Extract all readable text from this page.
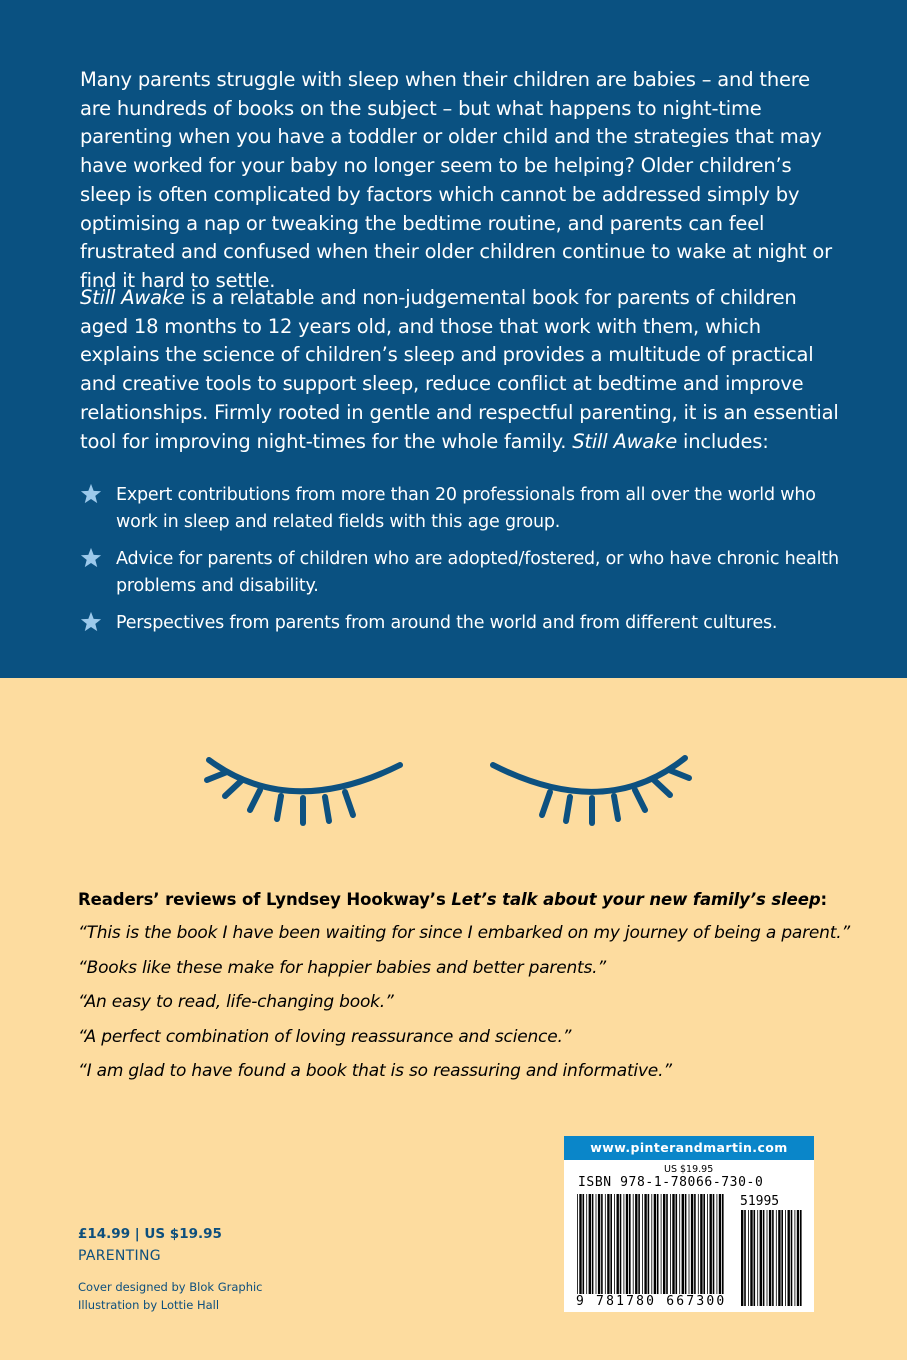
Many parents struggle with sleep when their children are babies – and there are hundreds of books on the subject – but what happens to night-time parenting when you have a toddler or older child and the strategies that may have worked for your baby no longer seem to be helping? Older children’s sleep is often complicated by factors which cannot be addressed simply by optimising a nap or tweaking the bedtime routine, and parents can feel frustrated and confused when their older children continue to wake at night or find it hard to settle.

Still Awake is a relatable and non-judgemental book for parents of children aged 18 months to 12 years old, and those that work with them, which explains the science of children’s sleep and provides a multitude of practical and creative tools to support sleep, reduce conflict at bedtime and improve relationships. Firmly rooted in gentle and respectful parenting, it is an essential tool for improving night-times for the whole family. Still Awake includes:

Expert contributions from more than 20 professionals from all over the world who work in sleep and related fields with this age group.
Advice for parents of children who are adopted/fostered, or who have chronic health problems and disability.
Perspectives from parents from around the world and from different cultures.
Readers’ reviews of Lyndsey Hookway’s Let’s talk about your new family’s sleep:
“This is the book I have been waiting for since I embarked on my journey of being a parent.”
“Books like these make for happier babies and better parents.”
“An easy to read, life-changing book.”
“A perfect combination of loving reassurance and science.”
“I am glad to have found a book that is so reassuring and informative.”
£14.99 | US $19.95
PARENTING
Cover designed by Blok Graphic
Illustration by Lottie Hall
www.pinterandmartin.com
US $19.95
ISBN 978-1-78066-730-0
51995
9 781780 667300
